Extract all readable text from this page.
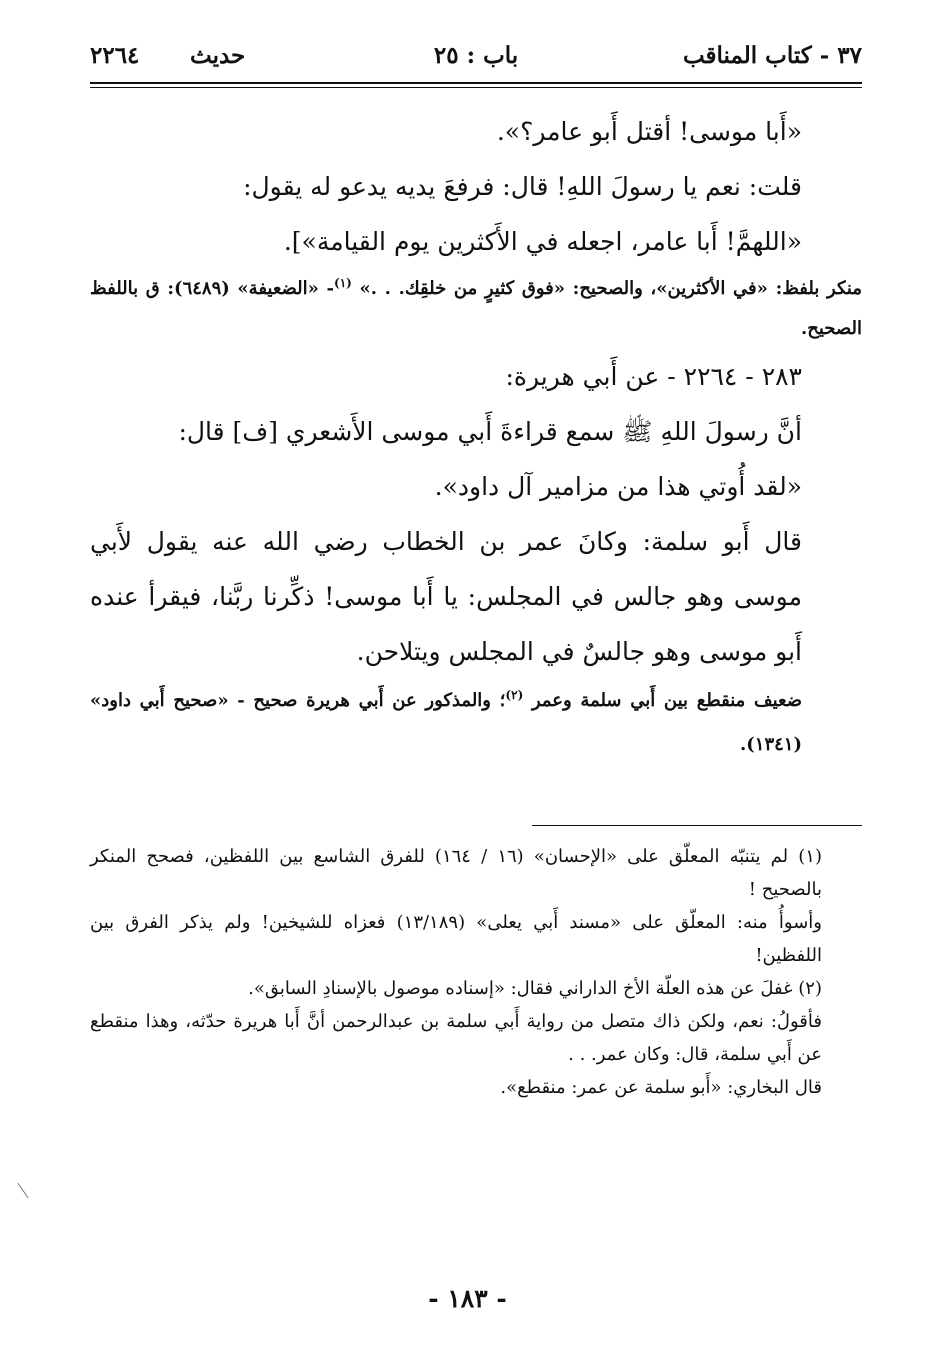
٣٧ - كتاب المناقب
باب : ٢٥
حديث
٢٢٦٤

«أَبا موسى! أقتل أَبو عامر؟».

قلت: نعم يا رسولَ اللهِ! قال: فرفعَ يديه يدعو له يقول:

«اللهمَّ! أَبا عامر، اجعله في الأَكثرين يوم القيامة»].

منكر بلفظ: «في الأكثرين»، والصحيح: «فوق كثيرٍ من خلقِك. . .» $^{(١)}$- «الضعيفة» (٦٤٨٩): ق باللفظ الصحيح.

٢٨٣ - ٢٢٦٤ - عن أَبي هريرة:

أنَّ رسولَ اللهِ ﷺ سمع قراءةَ أَبي موسى الأَشعري [ف] قال:

«لقد أُوتي هذا من مزامير آل داود».

قال أَبو سلمة: وكانَ عمر بن الخطاب رضي الله عنه يقول لأَبي موسى وهو جالس في المجلس: يا أَبا موسى! ذكِّرنا ربَّنا، فيقرأ عنده أَبو موسى وهو جالسٌ في المجلس ويتلاحن.

ضعيف منقطع بين أَبي سلمة وعمر $^{(٢)}$؛ والمذكور عن أَبي هريرة صحيح - «صحيح أَبي داود» (١٣٤١).

(١) لم يتنبّه المعلّق على «الإحسان» (١٦ / ١٦٤) للفرق الشاسع بين اللفظين، فصحح المنكر بالصحيح !

وأسوأُ منه: المعلّق على «مسند أَبي يعلى» (١٣/١٨٩) فعزاه للشيخين! ولم يذكر الفرق بين اللفظين!

(٢) غفلَ عن هذه العلّة الأخ الداراني فقال: «إسناده موصول بالإسنادِ السابق».

فأقولُ: نعم، ولكن ذاك متصل من رواية أَبي سلمة بن عبدالرحمن أنَّ أَبا هريرة حدّثه، وهذا منقطع عن أَبي سلمة، قال: وكان عمر. . .

قال البخاري: «أَبو سلمة عن عمر: منقطع».

- ١٨٣ -
